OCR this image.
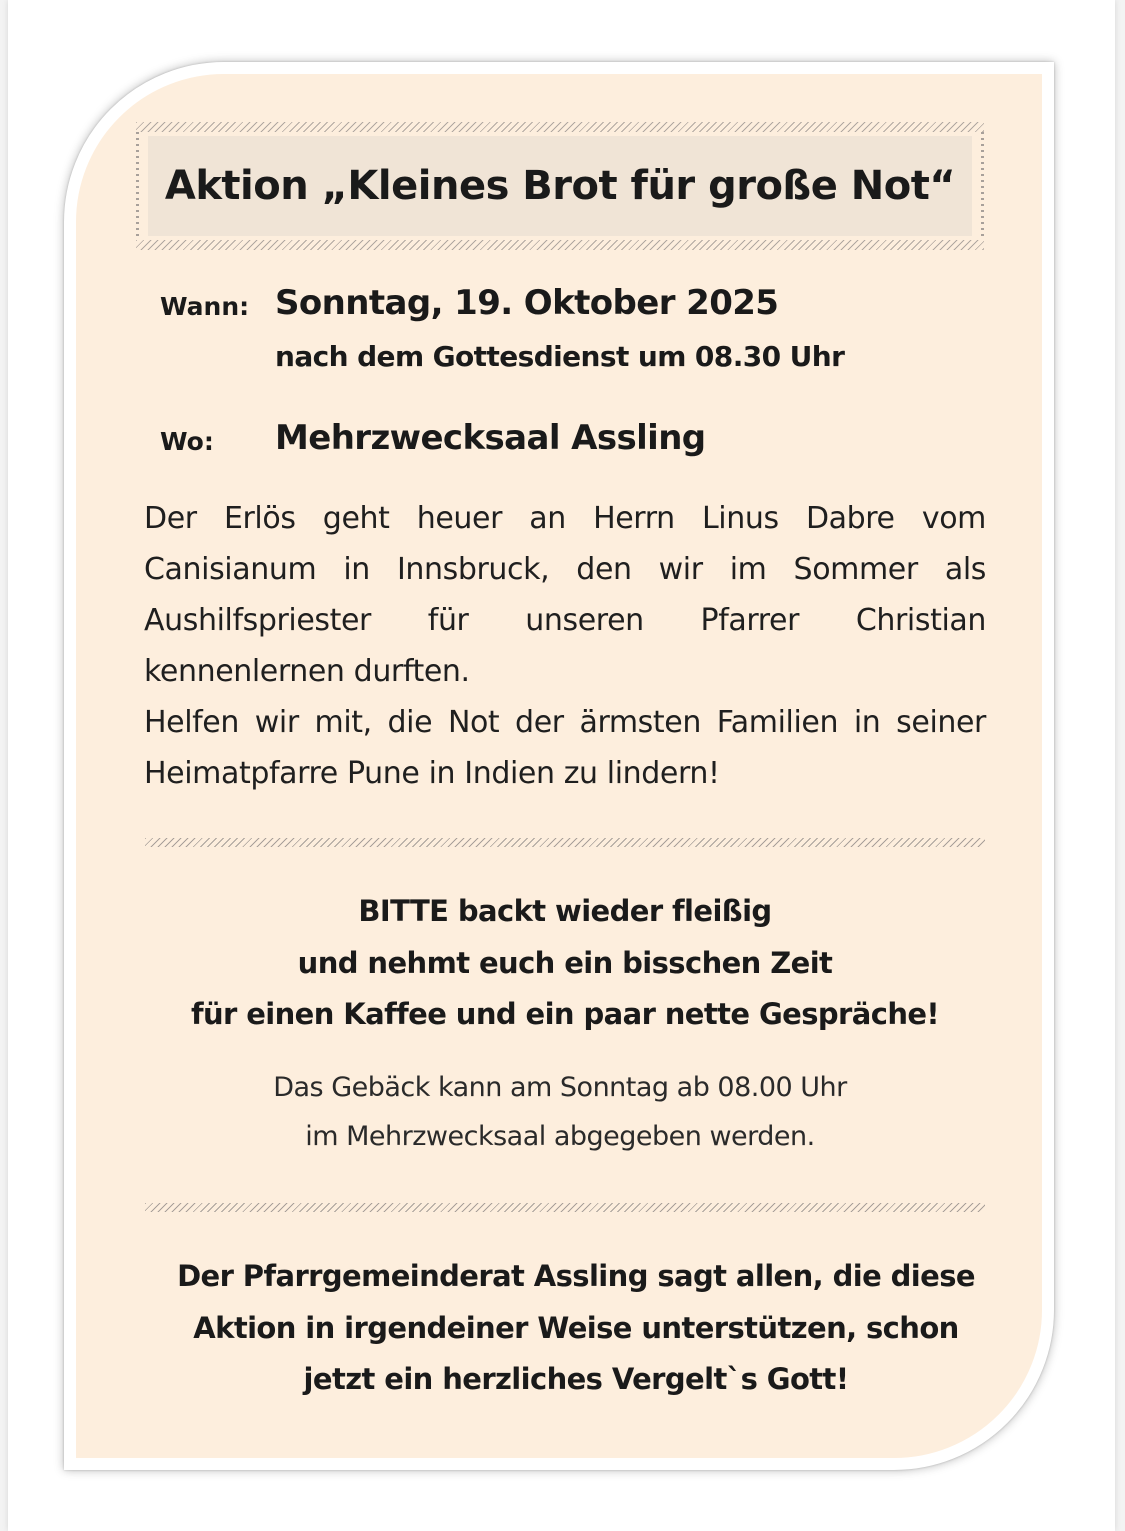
Aktion „Kleines Brot für große Not“
Wann: Sonntag, 19. Oktober 2025
nach dem Gottesdienst um 08.30 Uhr
Wo: Mehrzwecksaal Assling
Der Erlös geht heuer an Herrn Linus Dabre vom
Canisianum in Innsbruck, den wir im Sommer als
Aushilfspriester für unseren Pfarrer Christian
kennenlernen durften.
Helfen wir mit, die Not der ärmsten Familien in seiner
Heimatpfarre Pune in Indien zu lindern!
BITTE backt wieder fleißig
und nehmt euch ein bisschen Zeit
für einen Kaffee und ein paar nette Gespräche!
Das Gebäck kann am Sonntag ab 08.00 Uhr
im Mehrzwecksaal abgegeben werden.
Der Pfarrgemeinderat Assling sagt allen, die diese
Aktion in irgendeiner Weise unterstützen, schon
jetzt ein herzliches Vergelt`s Gott!
